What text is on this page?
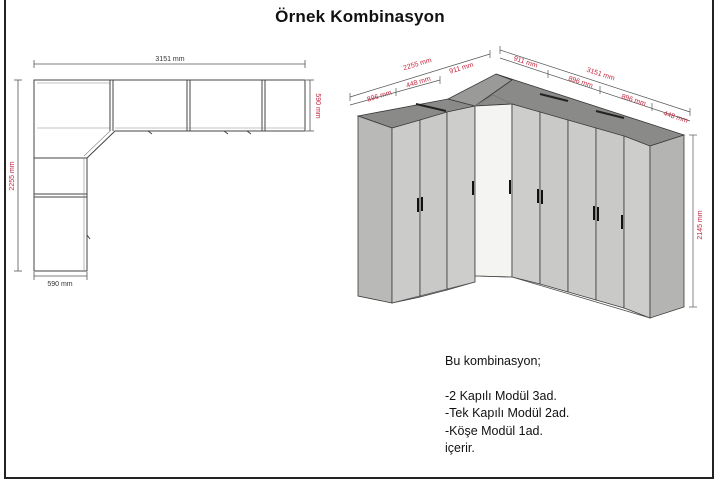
Örnek Kombinasyon
3151 mm
2255 mm
590 mm
590 mm
2255 mm
896 mm
448 mm
911 mm	3151 mm
911 mm
896 mm
896 mm
448 mm
2145 mm
Bu kombinasyon;
-2 Kapılı Modül 3ad.
-Tek Kapılı Modül 2ad.
-Köşe Modül 1ad.
içerir.
